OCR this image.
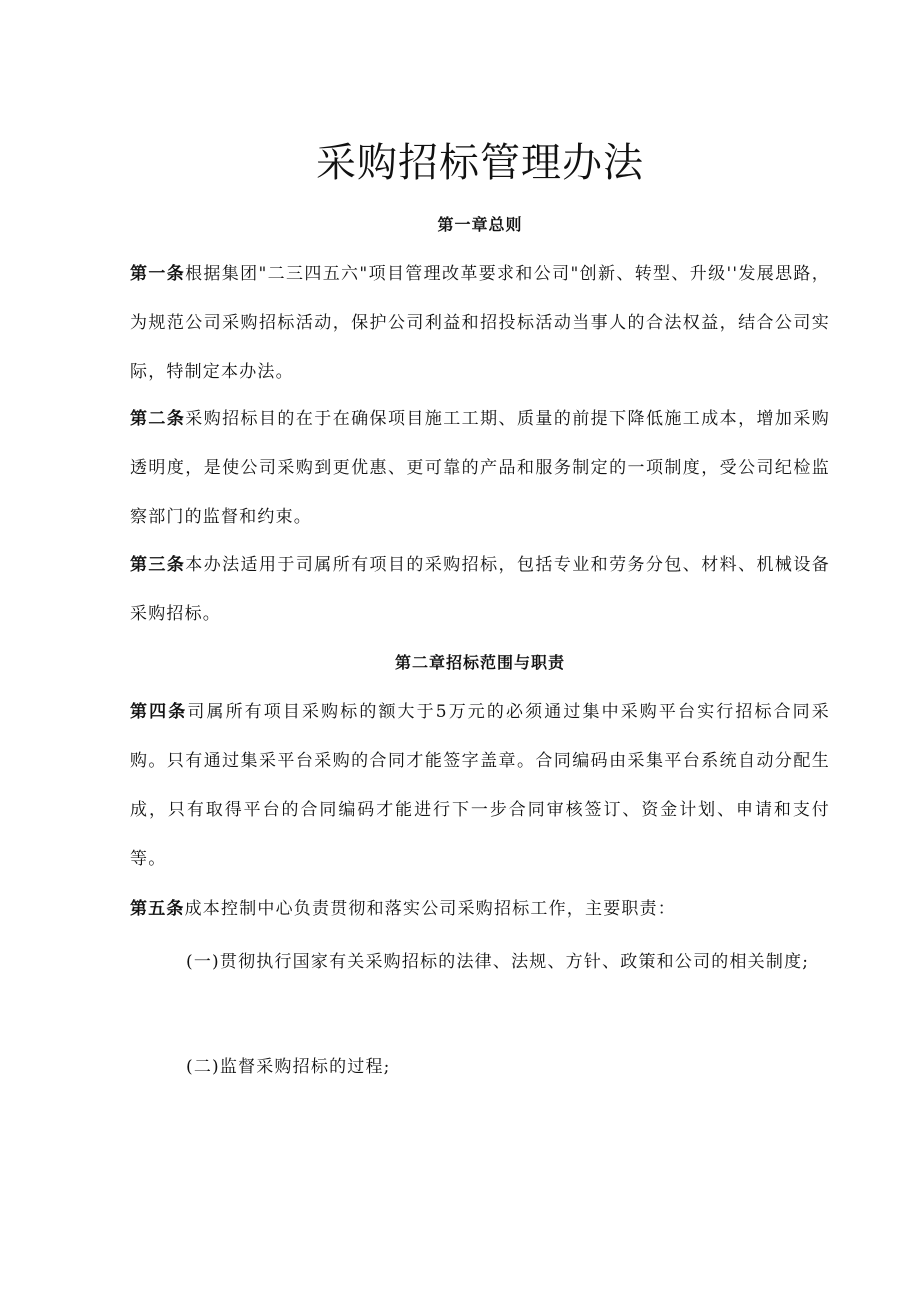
采购招标管理办法
第一章总则

第一条根据集团"二三四五六"项目管理改革要求和公司"创新、转型、升级''发展思路，为规范公司采购招标活动，保护公司利益和招投标活动当事人的合法权益，结合公司实际，特制定本办法。

第二条采购招标目的在于在确保项目施工工期、质量的前提下降低施工成本，增加采购透明度，是使公司采购到更优惠、更可靠的产品和服务制定的一项制度，受公司纪检监察部门的监督和约束。

第三条本办法适用于司属所有项目的采购招标，包括专业和劳务分包、材料、机械设备采购招标。

第二章招标范围与职责

第四条司属所有项目采购标的额大于5万元的必须通过集中采购平台实行招标合同采购。只有通过集采平台采购的合同才能签字盖章。合同编码由采集平台系统自动分配生成，只有取得平台的合同编码才能进行下一步合同审核签订、资金计划、申请和支付等。

第五条成本控制中心负责贯彻和落实公司采购招标工作，主要职责：

(一)贯彻执行国家有关采购招标的法律、法规、方针、政策和公司的相关制度;

(二)监督采购招标的过程;
